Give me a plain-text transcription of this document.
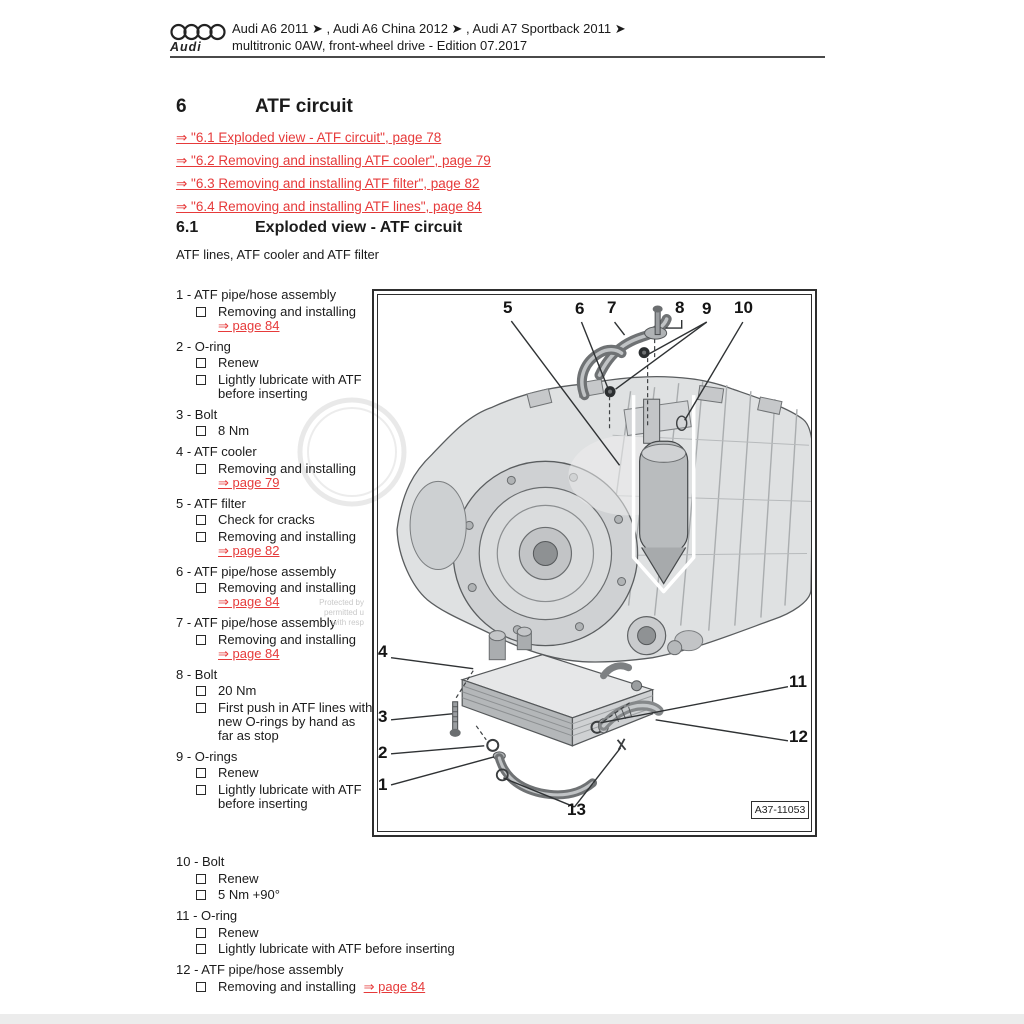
Audi
Audi A6 2011 ➤ , Audi A6 China 2012 ➤ , Audi A7 Sportback 2011 ➤
multitronic 0AW, front-wheel drive - Edition 07.2017
6	ATF circuit
⇒ "6.1 Exploded view - ATF circuit", page 78
⇒ "6.2 Removing and installing ATF cooler", page 79
⇒ "6.3 Removing and installing ATF filter", page 82
⇒ "6.4 Removing and installing ATF lines", page 84
6.1	Exploded view - ATF circuit
ATF lines, ATF cooler and ATF filter
1 - ATF pipe/hose assembly
Removing and installing
⇒ page 84
2 - O-ring
Renew
Lightly lubricate with ATF before inserting
3 - Bolt
8 Nm
4 - ATF cooler
Removing and installing
⇒ page 79
5 - ATF filter
Check for cracks
Removing and installing
⇒ page 82
6 - ATF pipe/hose assembly
Removing and installing
⇒ page 84
7 - ATF pipe/hose assembly
Removing and installing
⇒ page 84
8 - Bolt
20 Nm
First push in ATF lines with new O-rings by hand as far as stop
9 - O-rings
Renew
Lightly lubricate with ATF before inserting
10 - Bolt
Renew
5 Nm +90°
11 - O-ring
Renew
Lightly lubricate with ATF before inserting
12 - ATF pipe/hose assembly
Removing and installing ⇒ page 84
5	6 7	8 9 10
4
3
2
1
11
12
13	A37-11053
Protected by
permitted u
with resp
